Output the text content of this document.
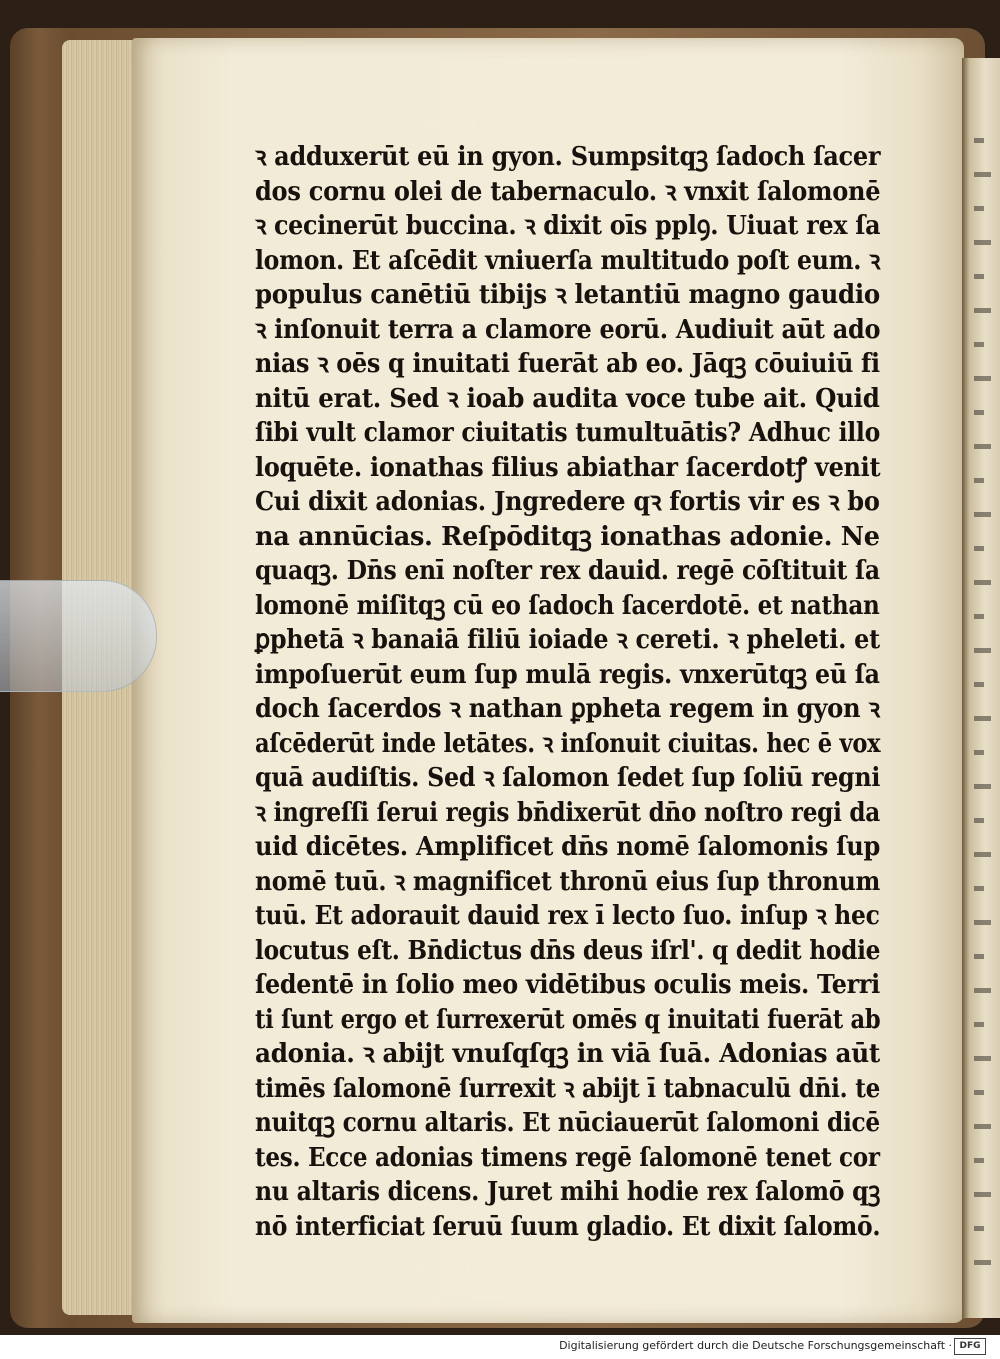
ꝛ adduxerūt eū in gyon. Sumpsitqꝫ ſadoch ſacer
dos cornu olei de tabernaculo. ꝛ vnxit ſalomonē
ꝛ cecinerūt buccina. ꝛ dixit oīs pplꝯ. Uiuat rex ſa
lomon. Et aſcēdit vniuerſa multitudo poſt eum. ꝛ
populus canētiū tibijs ꝛ letantiū magno gaudio
ꝛ inſonuit terra a clamore eorū. Audiuit aūt ado
nias ꝛ oēs q inuitati fuerāt ab eo. Jāqꝫ cōuiuiū fi
nitū erat. Sed ꝛ ioab audita voce tube ait. Quid
ſibi vult clamor ciuitatis tumultuātis? Adhuc illo
loquēte. ionathas filius abiathar ſacerdotꝭ venit
Cui dixit adonias. Jngredere qꝛ fortis vir es ꝛ bo
na annūcias. Reſpōditqꝫ ionathas adonie. Ne
quaqꝫ. Dn̄s enī noſter rex dauid. regē cōſtituit ſa
lomonē miſitqꝫ cū eo ſadoch ſacerdotē. et nathan
ꝑphetā ꝛ banaiā filiū ioiade ꝛ cereti. ꝛ pheleti. et
impoſuerūt eum ſup mulā regis. vnxerūtqꝫ eū ſa
doch ſacerdos ꝛ nathan ꝑpheta regem in gyon ꝛ
aſcēderūt inde letātes. ꝛ inſonuit ciuitas. hec ē vox
quā audiſtis. Sed ꝛ ſalomon ſedet ſup ſoliū regni
ꝛ ingreſſi ſerui regis bn̄dixerūt dn̄o noſtro regi da
uid dicētes. Amplificet dn̄s nomē ſalomonis ſup
nomē tuū. ꝛ magnificet thronū eius ſup thronum
tuū. Et adorauit dauid rex ī lecto ſuo. inſup ꝛ hec
locutus eſt. Bn̄dictus dn̄s deus iſrl'. q dedit hodie
ſedentē in ſolio meo vidētibus oculis meis. Terri
ti ſunt ergo et ſurrexerūt omēs q inuitati fuerāt ab
adonia. ꝛ abijt vnuſqſqꝫ in viā ſuā. Adonias aūt
timēs ſalomonē ſurrexit ꝛ abijt ī tabnaculū dn̄i. te
nuitqꝫ cornu altaris. Et nūciauerūt ſalomoni dicē
tes. Ecce adonias timens regē ſalomonē tenet cor
nu altaris dicens. Juret mihi hodie rex ſalomō qꝫ
nō interficiat ſeruū ſuum gladio. Et dixit ſalomō.
Digitalisierung gefördert durch die Deutsche Forschungsgemeinschaft · DFG
